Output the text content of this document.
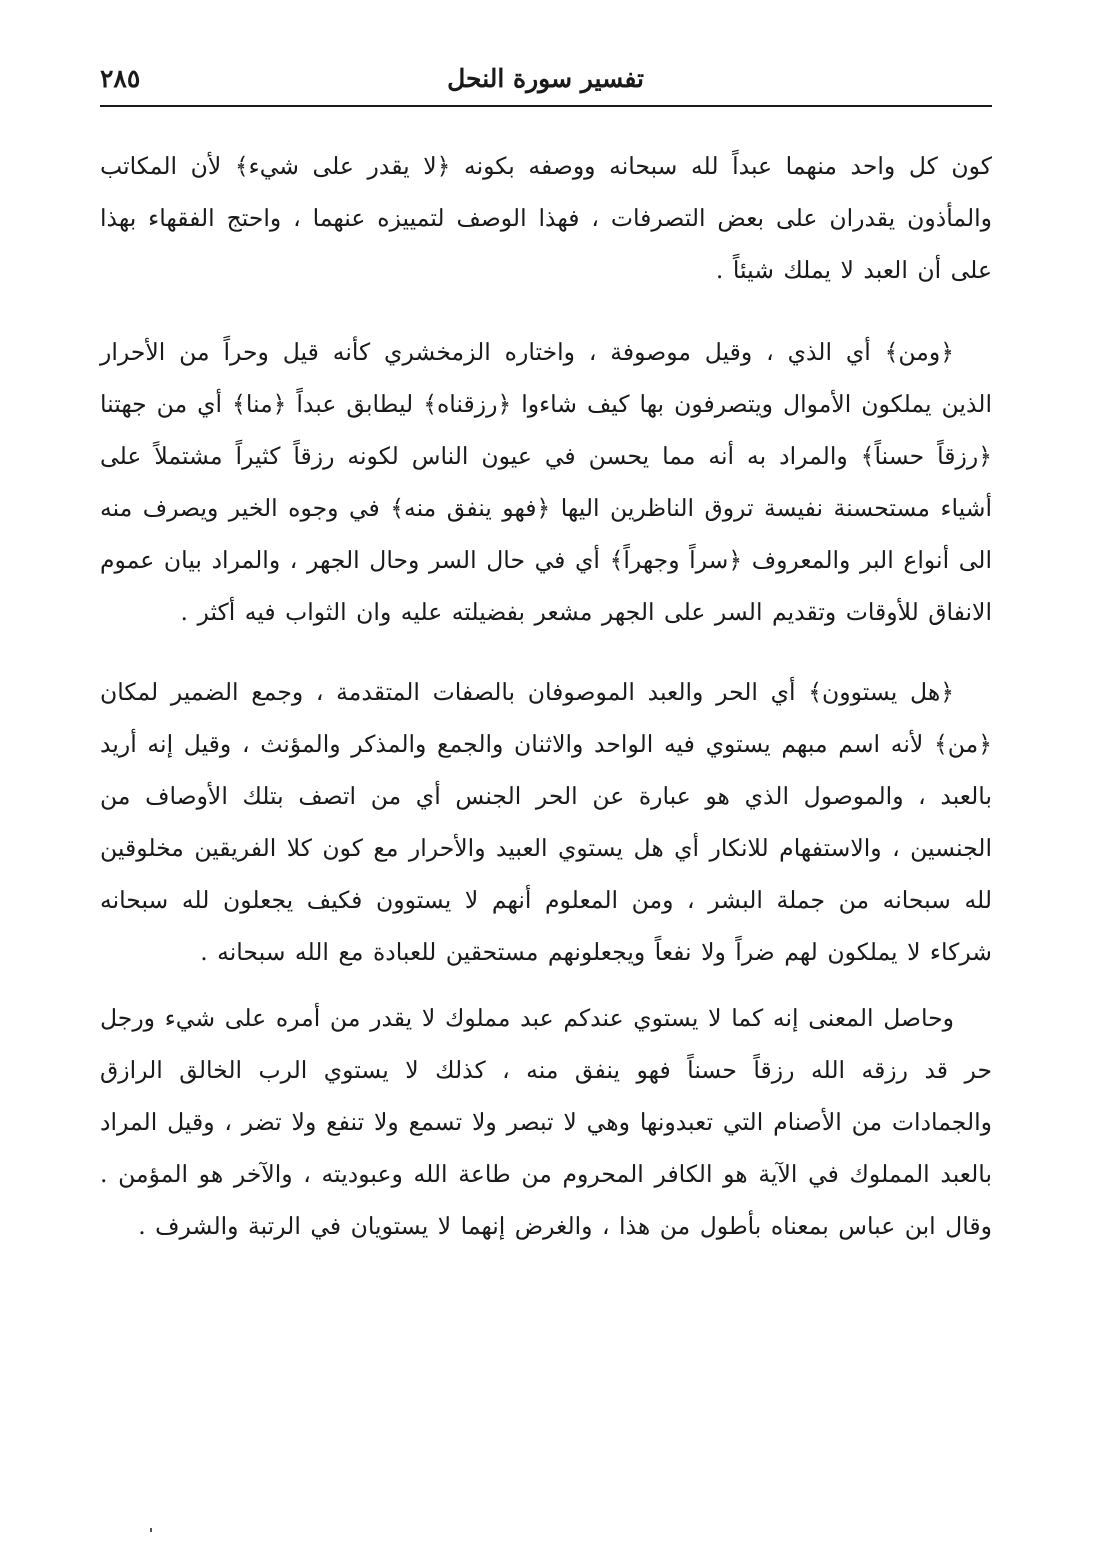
تفسير سورة النحل
٢٨٥

كون كل واحد منهما عبداً لله سبحانه ووصفه بكونه ﴿لا يقدر على شيء﴾ لأن المكاتب والمأذون يقدران على بعض التصرفات ، فهذا الوصف لتمييزه عنهما ، واحتج الفقهاء بهذا على أن العبد لا يملك شيئاً .

﴿ومن﴾ أي الذي ، وقيل موصوفة ، واختاره الزمخشري كأنه قيل وحراً من الأحرار الذين يملكون الأموال ويتصرفون بها كيف شاءوا ﴿رزقناه﴾ ليطابق عبداً ﴿منا﴾ أي من جهتنا ﴿رزقاً حسناً﴾ والمراد به أنه مما يحسن في عيون الناس لكونه رزقاً كثيراً مشتملاً على أشياء مستحسنة نفيسة تروق الناظرين اليها ﴿فهو ينفق منه﴾ في وجوه الخير ويصرف منه الى أنواع البر والمعروف ﴿سراً وجهراً﴾ أي في حال السر وحال الجهر ، والمراد بيان عموم الانفاق للأوقات وتقديم السر على الجهر مشعر بفضيلته عليه وان الثواب فيه أكثر .

﴿هل يستوون﴾ أي الحر والعبد الموصوفان بالصفات المتقدمة ، وجمع الضمير لمكان ﴿من﴾ لأنه اسم مبهم يستوي فيه الواحد والاثنان والجمع والمذكر والمؤنث ، وقيل إنه أريد بالعبد ، والموصول الذي هو عبارة عن الحر الجنس أي من اتصف بتلك الأوصاف من الجنسين ، والاستفهام للانكار أي هل يستوي العبيد والأحرار مع كون كلا الفريقين مخلوقين لله سبحانه من جملة البشر ، ومن المعلوم أنهم لا يستوون فكيف يجعلون لله سبحانه شركاء لا يملكون لهم ضراً ولا نفعاً ويجعلونهم مستحقين للعبادة مع الله سبحانه .

وحاصل المعنى إنه كما لا يستوي عندكم عبد مملوك لا يقدر من أمره على شيء ورجل حر قد رزقه الله رزقاً حسناً فهو ينفق منه ، كذلك لا يستوي الرب الخالق الرازق والجمادات من الأصنام التي تعبدونها وهي لا تبصر ولا تسمع ولا تنفع ولا تضر ، وقيل المراد بالعبد المملوك في الآية هو الكافر المحروم من طاعة الله وعبوديته ، والآخر هو المؤمن . وقال ابن عباس بمعناه بأطول من هذا ، والغرض إنهما لا يستويان في الرتبة والشرف .
